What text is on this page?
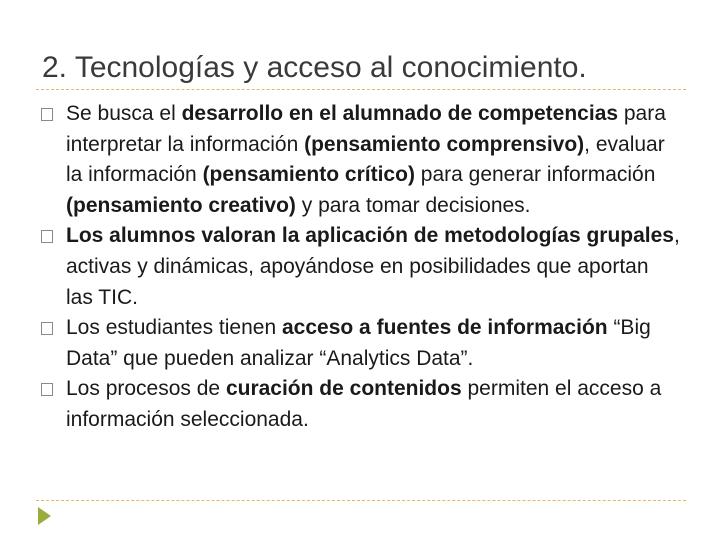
2. Tecnologías y acceso al conocimiento.
Se busca el desarrollo en el alumnado de competencias para interpretar la información (pensamiento comprensivo), evaluar la información (pensamiento crítico) para generar información (pensamiento creativo) y para tomar decisiones.
Los alumnos valoran la aplicación de metodologías grupales, activas y dinámicas, apoyándose en posibilidades que aportan las TIC.
Los estudiantes tienen acceso a fuentes de información “Big Data” que pueden analizar “Analytics Data”.
Los procesos de curación de contenidos permiten el acceso a información seleccionada.
